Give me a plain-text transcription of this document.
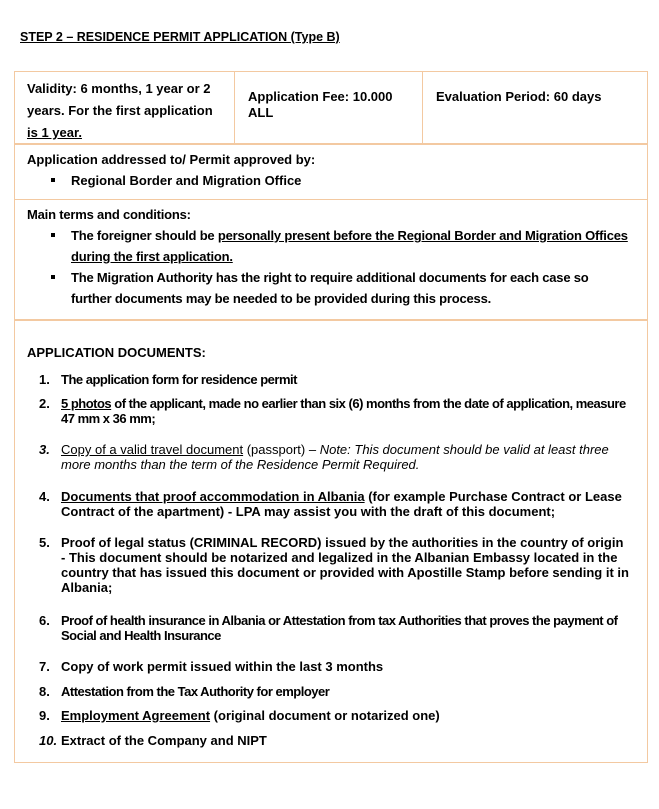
STEP 2 – RESIDENCE PERMIT APPLICATION (Type B)
Validity: 6 months, 1 year or 2
years. For the first application
is 1 year.
Application Fee: 10.000 ALL
Evaluation Period: 60 days
Application addressed to/ Permit approved by:
Regional Border and Migration Office
Main terms and conditions:
The foreigner should be personally present before the Regional Border and Migration Offices
during the first application.
The Migration Authority has the right to require additional documents for each case so
further documents may be needed to be provided during this process.
APPLICATION DOCUMENTS:
1. The application form for residence permit
2. 5 photos of the applicant, made no earlier than six (6) months from the date of application, measure 47 mm x 36 mm;
3. Copy of a valid travel document (passport) – Note: This document should be valid at least three more months than the term of the Residence Permit Required.
4. Documents that proof accommodation in Albania (for example Purchase Contract or Lease Contract of the apartment) - LPA may assist you with the draft of this document;
5. Proof of legal status (CRIMINAL RECORD) issued by the authorities in the country of origin - This document should be notarized and legalized in the Albanian Embassy located in the country that has issued this document or provided with Apostille Stamp before sending it in Albania;
6. Proof of health insurance in Albania or Attestation from tax Authorities that proves the payment of Social and Health Insurance
7. Copy of work permit issued within the last 3 months
8. Attestation from the Tax Authority for employer
9. Employment Agreement (original document or notarized one)
10. Extract of the Company and NIPT
